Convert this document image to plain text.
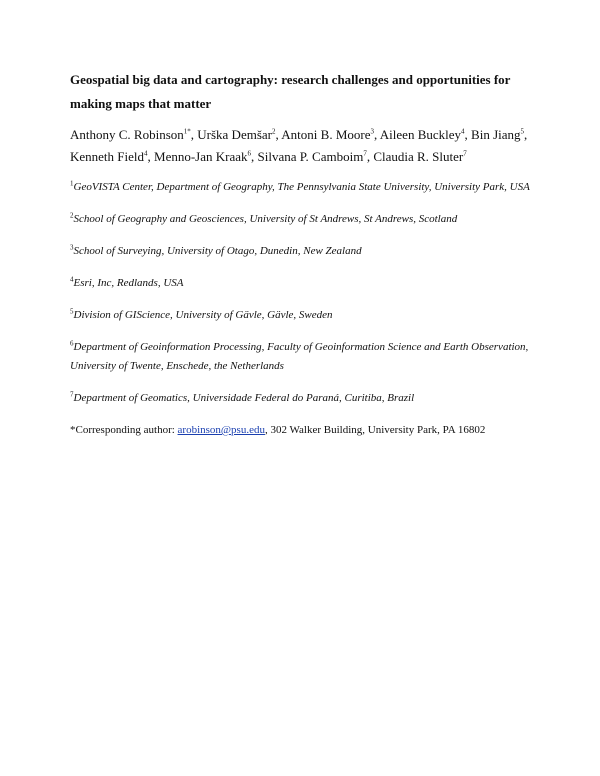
Geospatial big data and cartography: research challenges and opportunities for making maps that matter
Anthony C. Robinson$^{1*}$, Urška Demšar$^2$, Antoni B. Moore$^3$, Aileen Buckley$^4$, Bin Jiang$^5$, Kenneth Field$^4$, Menno-Jan Kraak$^6$, Silvana P. Camboim$^7$, Claudia R. Sluter$^7$
$^1$GeoVISTA Center, Department of Geography, The Pennsylvania State University, University Park, USA
$^2$School of Geography and Geosciences, University of St Andrews, St Andrews, Scotland
$^3$School of Surveying, University of Otago, Dunedin, New Zealand
$^4$Esri, Inc, Redlands, USA
$^5$Division of GIScience, University of Gävle, Gävle, Sweden
$^6$Department of Geoinformation Processing, Faculty of Geoinformation Science and Earth Observation, University of Twente, Enschede, the Netherlands
$^7$Department of Geomatics, Universidade Federal do Paraná, Curitiba, Brazil
*Corresponding author: arobinson@psu.edu, 302 Walker Building, University Park, PA 16802
